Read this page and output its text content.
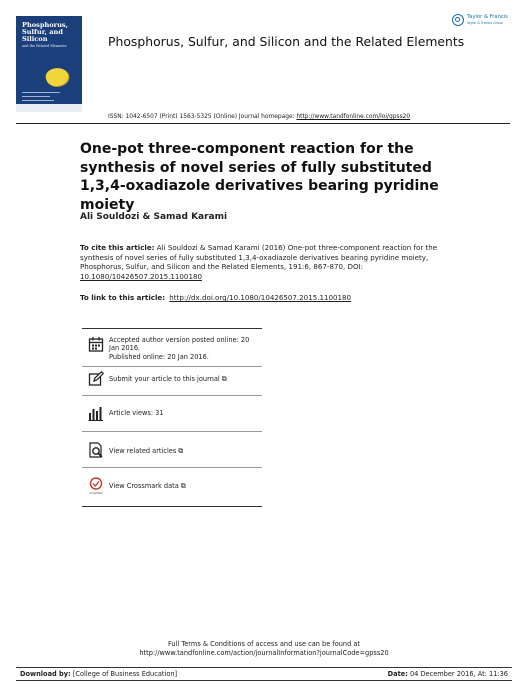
Phosphorus,
Sulfur, and
Silicon
and the Related Elements	Phosphorus, Sulfur, and Silicon and the Related Elements
Taylor & Francis
Taylor & Francis Group
ISSN: 1042-6507 (Print) 1563-5325 (Online) Journal homepage: http://www.tandfonline.com/loi/gpss20
One-pot three-component reaction for the synthesis of novel series of fully substituted 1,3,4-oxadiazole derivatives bearing pyridine moiety
Ali Souldozi & Samad Karami
To cite this article: Ali Souldozi & Samad Karami (2016) One-pot three-component reaction for the synthesis of novel series of fully substituted 1,3,4-oxadiazole derivatives bearing pyridine moiety, Phosphorus, Sulfur, and Silicon and the Related Elements, 191:6, 867-870, DOI: 10.1080/10426507.2015.1100180
To link to this article: http://dx.doi.org/10.1080/10426507.2015.1100180
Accepted author version posted online: 20
Jan 2016.
Published online: 20 Jan 2016.
Submit your article to this journal ⧉
Article views: 31
View related articles ⧉
CrossMark
View Crossmark data ⧉
Full Terms & Conditions of access and use can be found at
http://www.tandfonline.com/action/journalInformation?journalCode=gpss20
Download by: [College of Business Education]	Date: 04 December 2016, At: 11:36
